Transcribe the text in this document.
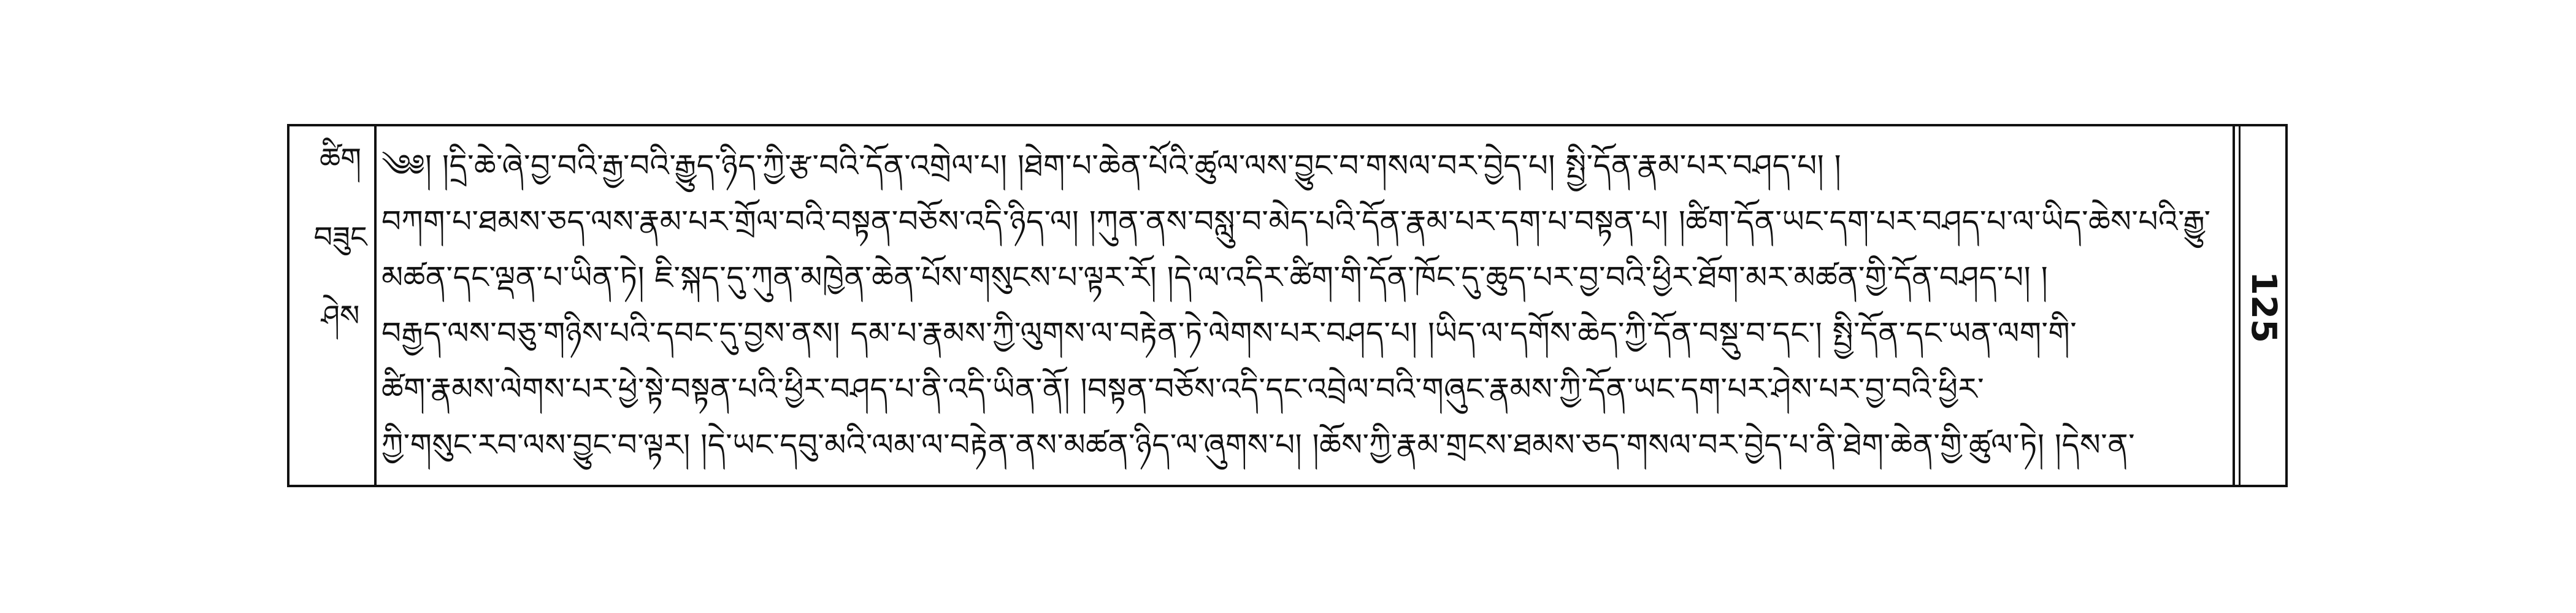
ཚིག
བཟུང
ཤེས
༄༅། །དྲི་ཆེ་ཞེ་བྱ་བའི་རྒྱ་བའི་རྒྱུད་ཉིད་ཀྱི་རྩ་བའི་དོན་འགྲེལ་པ། །ཐེག་པ་ཆེན་པོའི་ཚུལ་ལས་བྱུང་བ་གསལ་བར་བྱེད་པ། སྤྱི་དོན་རྣམ་པར་བཤད་པ། །
བཀག་པ་ཐམས་ཅད་ལས་རྣམ་པར་གྲོལ་བའི་བསྟན་བཅོས་འདི་ཉིད་ལ། །ཀུན་ནས་བསླུ་བ་མེད་པའི་དོན་རྣམ་པར་དག་པ་བསྟན་པ། །ཚིག་དོན་ཡང་དག་པར་བཤད་པ་ལ་ཡིད་ཆེས་པའི་རྒྱུ་
མཚན་དང་ལྡན་པ་ཡིན་ཏེ། ཇི་སྐད་དུ་ཀུན་མཁྱེན་ཆེན་པོས་གསུངས་པ་ལྟར་རོ། །དེ་ལ་འདིར་ཚིག་གི་དོན་ཁོང་དུ་ཆུད་པར་བྱ་བའི་ཕྱིར་ཐོག་མར་མཚན་གྱི་དོན་བཤད་པ། །
བརྒྱད་ལས་བཅུ་གཉིས་པའི་དབང་དུ་བྱས་ནས། དམ་པ་རྣམས་ཀྱི་ལུགས་ལ་བརྟེན་ཏེ་ལེགས་པར་བཤད་པ། །ཡིད་ལ་དགོས་ཆེད་ཀྱི་དོན་བསྡུ་བ་དང་། སྤྱི་དོན་དང་ཡན་ལག་གི་
ཚིག་རྣམས་ལེགས་པར་ཕྱེ་སྟེ་བསྟན་པའི་ཕྱིར་བཤད་པ་ནི་འདི་ཡིན་ནོ། །བསྟན་བཅོས་འདི་དང་འབྲེལ་བའི་གཞུང་རྣམས་ཀྱི་དོན་ཡང་དག་པར་ཤེས་པར་བྱ་བའི་ཕྱིར་
ཀྱི་གསུང་རབ་ལས་བྱུང་བ་ལྟར། །དེ་ཡང་དབུ་མའི་ལམ་ལ་བརྟེན་ནས་མཚན་ཉིད་ལ་ཞུགས་པ། །ཆོས་ཀྱི་རྣམ་གྲངས་ཐམས་ཅད་གསལ་བར་བྱེད་པ་ནི་ཐེག་ཆེན་གྱི་ཚུལ་ཏེ། །དེས་ན་
125
